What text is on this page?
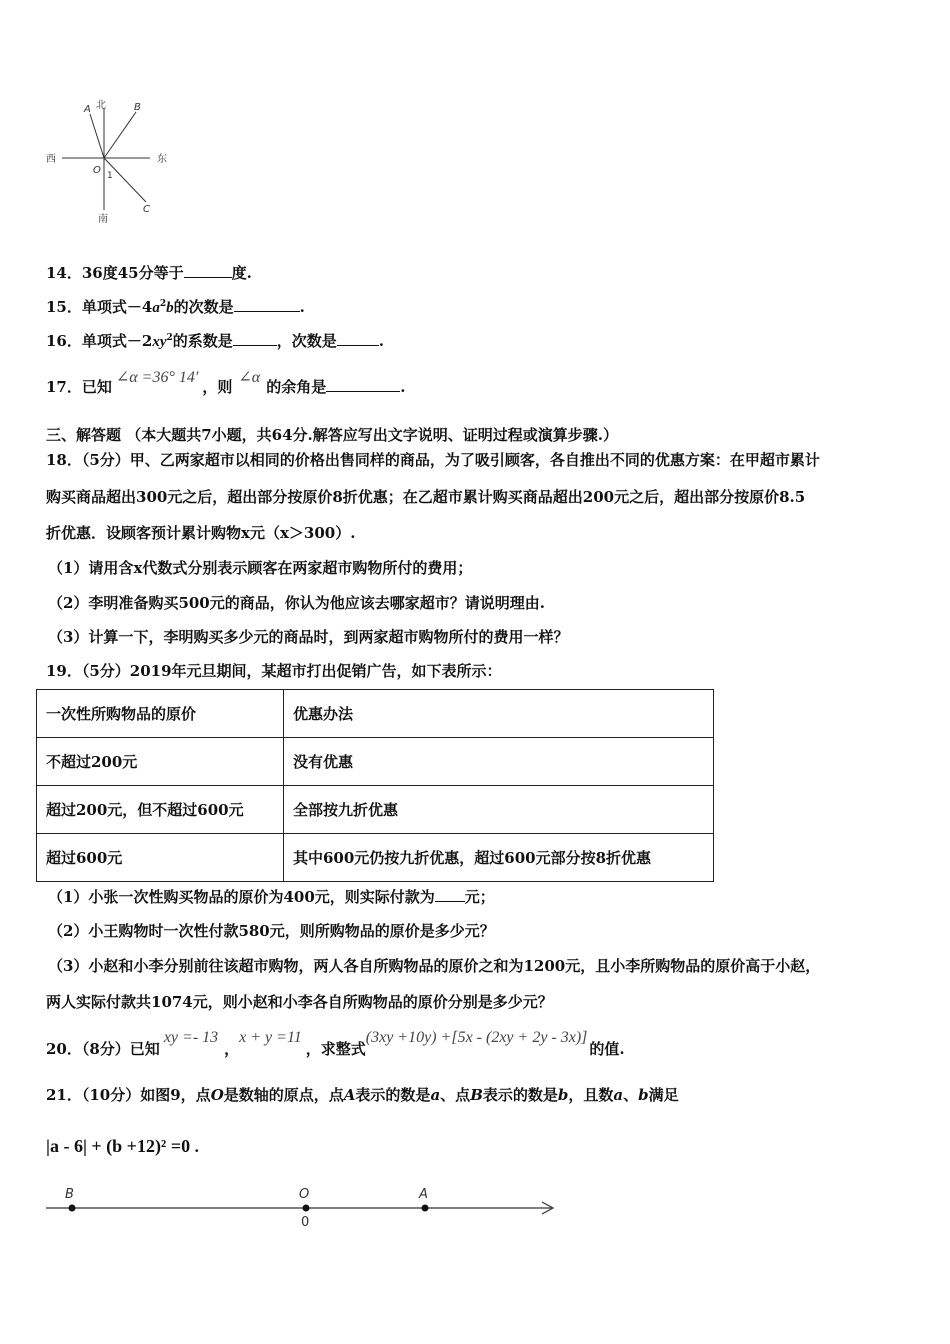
北
南
东
西
A	B
C
O 1
14．36度45分等于	度.
15．单项式$-4a^2b$的次数是	.
16．单项式$-2xy^2$的系数是	，次数是	.
17．已知∠α =36° 14′，则∠α的余角是	.
三、解答题 （本大题共7小题，共64分.解答应写出文字说明、证明过程或演算步骤.）
18．（5分）甲、乙两家超市以相同的价格出售同样的商品，为了吸引顾客，各自推出不同的优惠方案：在甲超市累计
购买商品超出300元之后，超出部分按原价8折优惠；在乙超市累计购买商品超出200元之后，超出部分按原价8.5
折优惠．设顾客预计累计购物x元（x＞300）.
（1）请用含x代数式分别表示顾客在两家超市购物所付的费用；
（2）李明准备购买500元的商品，你认为他应该去哪家超市？请说明理由.
（3）计算一下，李明购买多少元的商品时，到两家超市购物所付的费用一样？
19．（5分）2019年元旦期间，某超市打出促销广告，如下表所示：
一次性所购物品的原价	优惠办法
不超过200元	没有优惠
超过200元，但不超过600元	全部按九折优惠
超过600元	其中600元仍按九折优惠，超过600元部分按8折优惠
（1）小张一次性购买物品的原价为400元，则实际付款为 元；
（2）小王购物时一次性付款580元，则所购物品的原价是多少元？
（3）小赵和小李分别前往该超市购物，两人各自所购物品的原价之和为1200元，且小李所购物品的原价高于小赵，
两人实际付款共1074元，则小赵和小李各自所购物品的原价分别是多少元？
20．（8分）已知xy =- 13，x + y =11，求整式(3xy +10y) +[5x - (2xy + 2y - 3x)]的值.
21．（10分）如图9，点O是数轴的原点，点A表示的数是a、点B表示的数是b，且数a、b满足
|a - 6| + (b +12)² =0 .
B	O	A
0
